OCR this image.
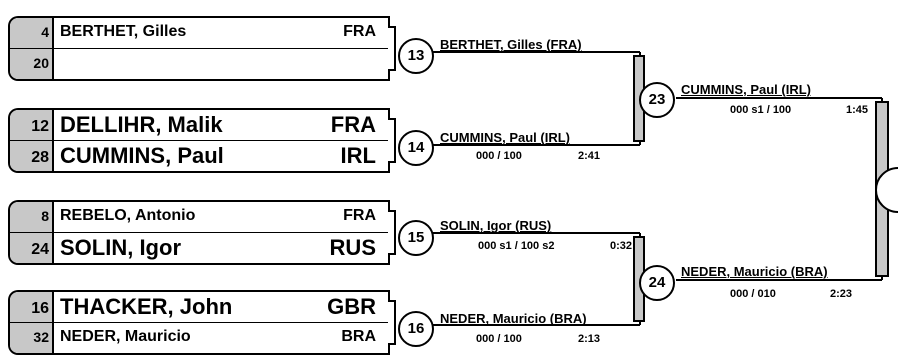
4 BERTHET, Gilles	FRA
20
12 DELLIHR, Malik	FRA
28 CUMMINS, Paul	IRL
8 REBELO, Antonio	FRA
24 SOLIN, Igor	RUS
16 THACKER, John	GBR
32 NEDER, Mauricio	BRA
13
14
15
16
23
24
BERTHET, Gilles (FRA)
CUMMINS, Paul (IRL)
000 / 100	2:41
SOLIN, Igor (RUS)
000 s1 / 100 s2	0:32
NEDER, Mauricio (BRA)
000 / 100	2:13
CUMMINS, Paul (IRL)
000 s1 / 100	1:45
NEDER, Mauricio (BRA)
000 / 010	2:23
